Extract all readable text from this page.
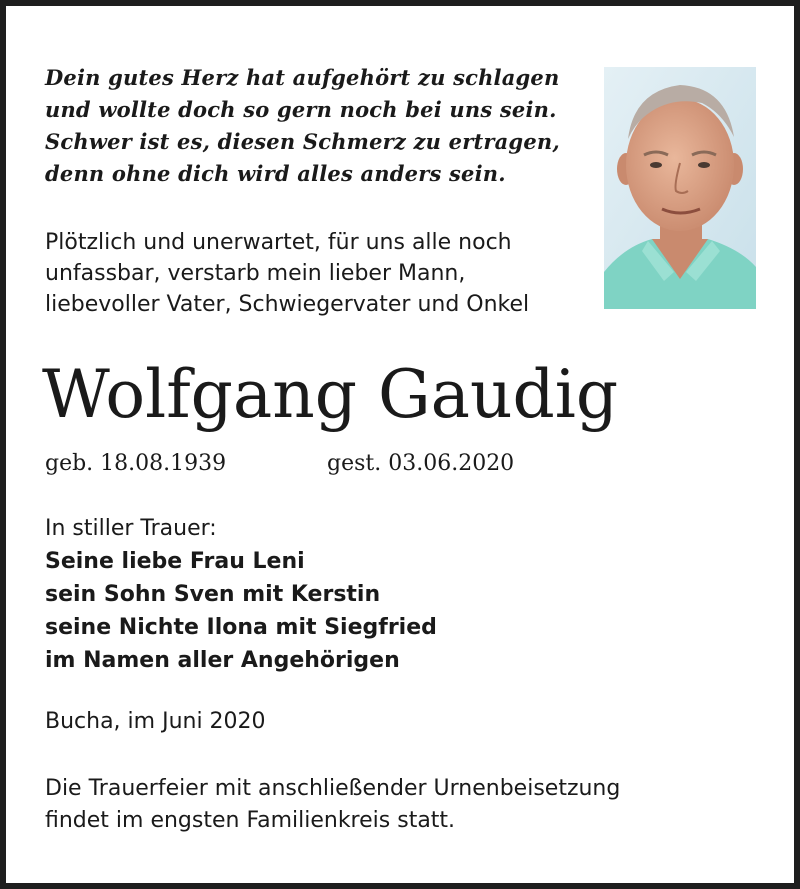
Dein gutes Herz hat aufgehört zu schlagen
und wollte doch so gern noch bei uns sein.
Schwer ist es, diesen Schmerz zu ertragen,
denn ohne dich wird alles anders sein.
Plötzlich und unerwartet, für uns alle noch
unfassbar, verstarb mein lieber Mann,
liebevoller Vater, Schwiegervater und Onkel
Wolfgang Gaudig
geb. 18.08.1939	gest. 03.06.2020
In stiller Trauer:
Seine liebe Frau Leni
sein Sohn Sven mit Kerstin
seine Nichte Ilona mit Siegfried
im Namen aller Angehörigen
Bucha, im Juni 2020
Die Trauerfeier mit anschließender Urnenbeisetzung
findet im engsten Familienkreis statt.
